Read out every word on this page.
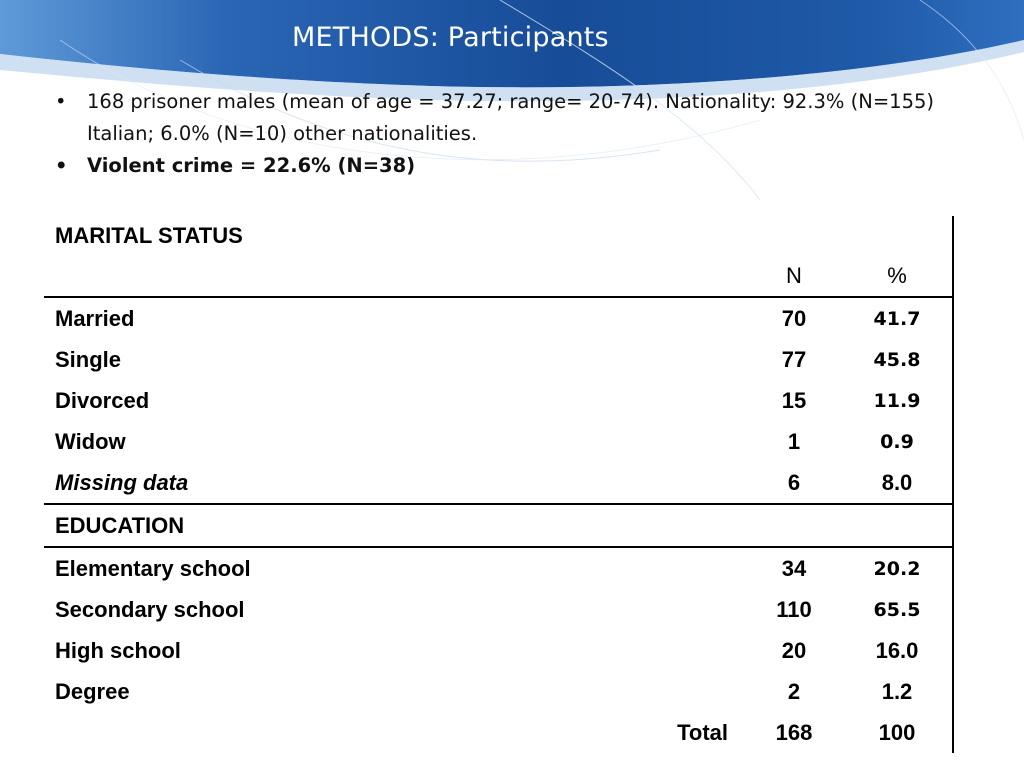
METHODS: Participants
• 168 prisoner males (mean of age = 37.27; range= 20-74). Nationality: 92.3% (N=155) Italian; 6.0% (N=10) other nationalities.
• Violent crime = 22.6% (N=38)
MARITAL STATUS		
	N	%
Married	70	41.7
Single	77	45.8
Divorced	15	11.9
Widow	1	0.9
Missing data	6	8.0
EDUCATION		
Elementary school	34	20.2
Secondary school	110	65.5
High school	20	16.0
Degree	2	1.2
Total	168	100
